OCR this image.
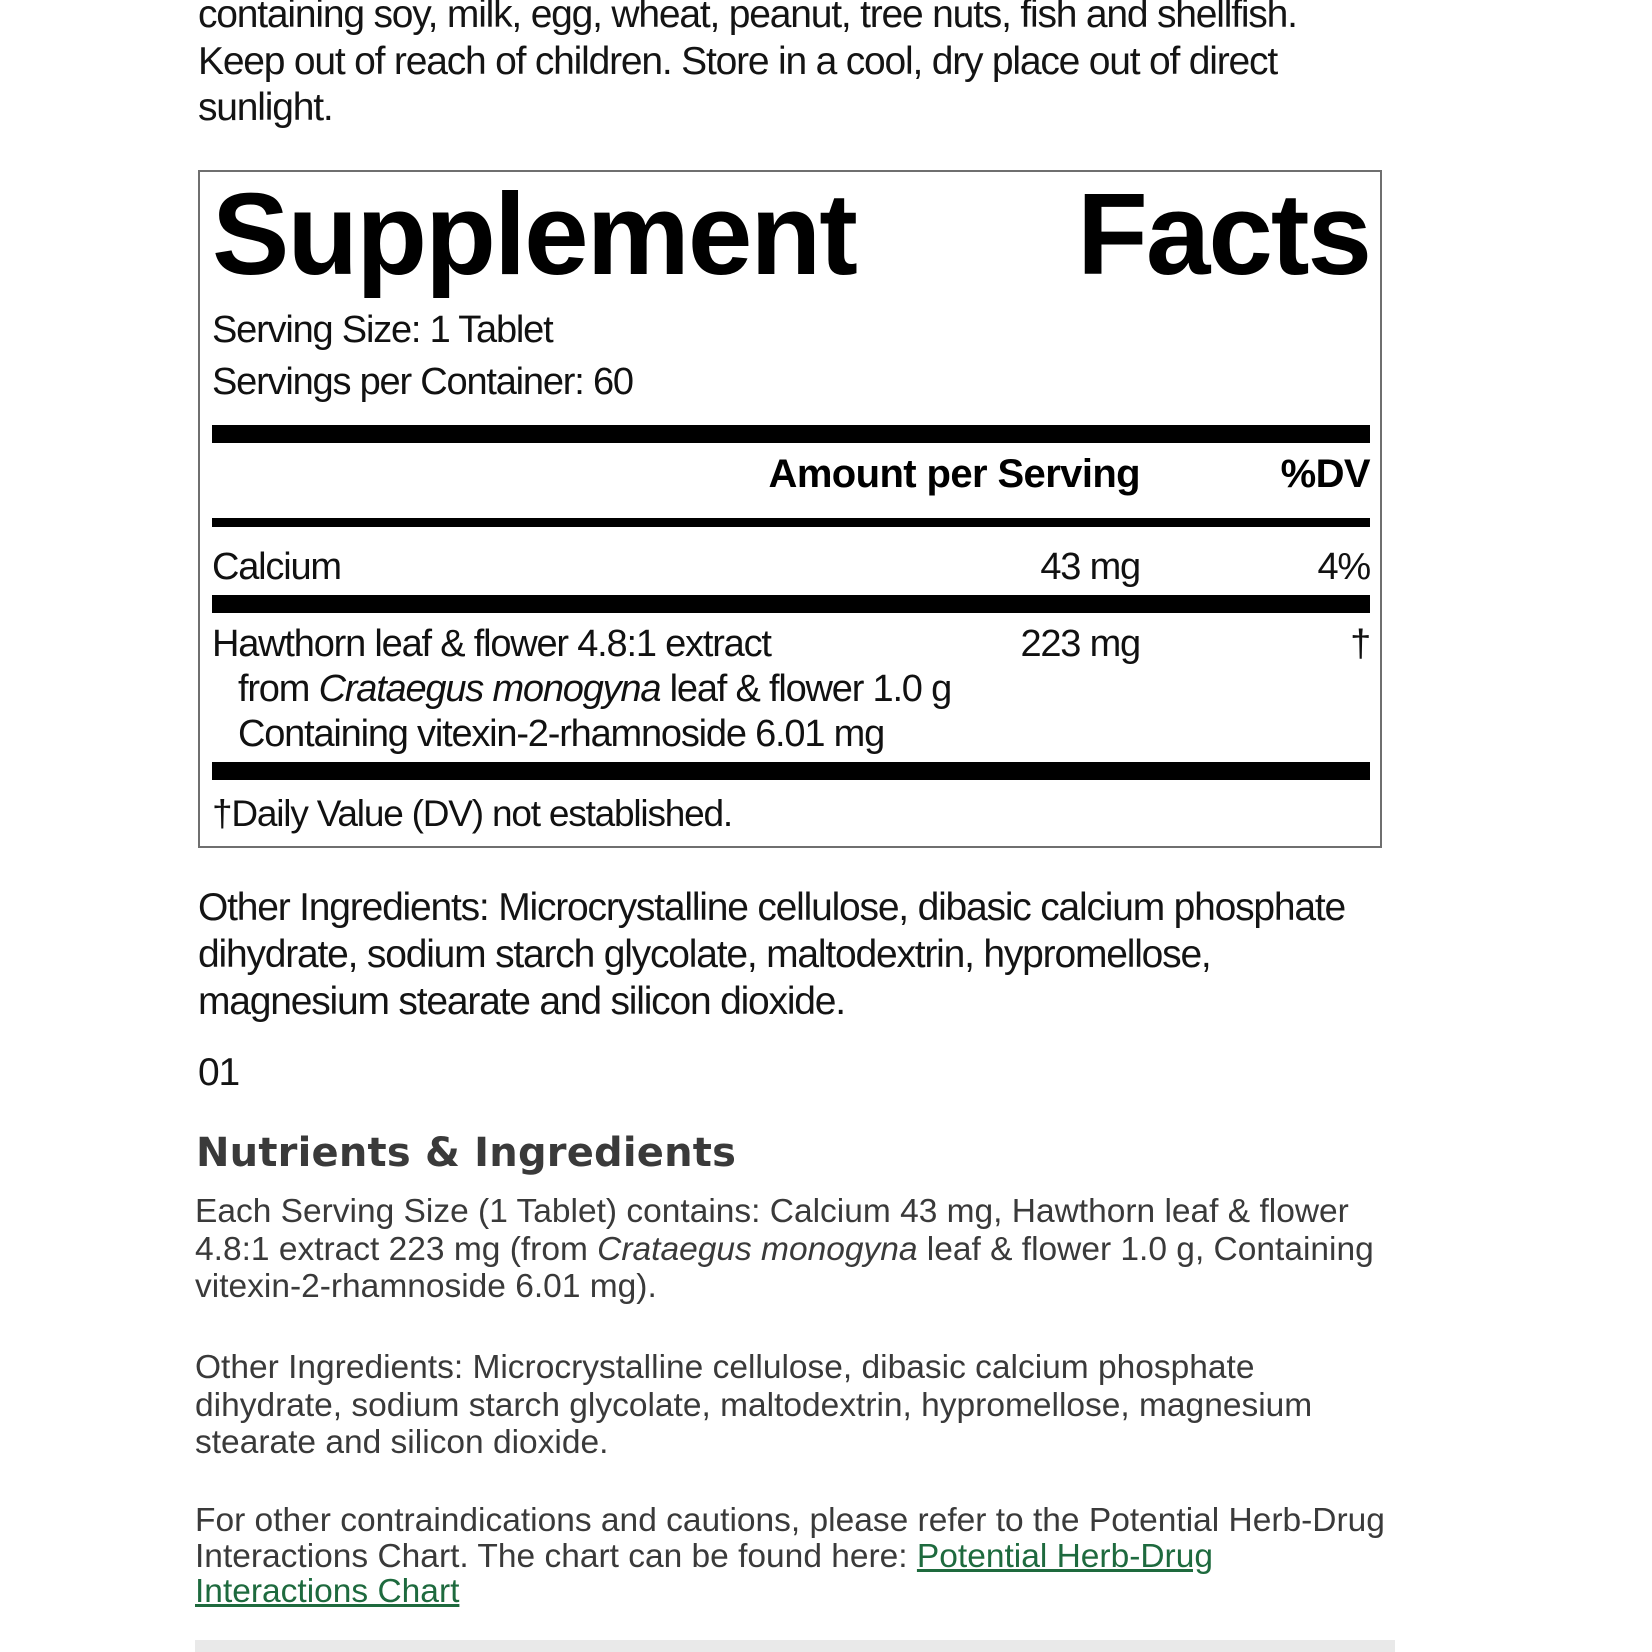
containing soy, milk, egg, wheat, peanut, tree nuts, fish and shellfish.
Keep out of reach of children. Store in a cool, dry place out of direct
sunlight.
Supplement Facts
Serving Size: 1 Tablet
Servings per Container: 60
Amount per Serving	%DV
Calcium	43 mg	4%
Hawthorn leaf & flower 4.8:1 extract	223 mg	†
from Crataegus monogyna leaf & flower 1.0 g
Containing vitexin-2-rhamnoside 6.01 mg
†Daily Value (DV) not established.
Other Ingredients: Microcrystalline cellulose, dibasic calcium phosphate
dihydrate, sodium starch glycolate, maltodextrin, hypromellose,
magnesium stearate and silicon dioxide.
01
Nutrients & Ingredients
Each Serving Size (1 Tablet) contains: Calcium 43 mg, Hawthorn leaf & flower 4.8:1 extract 223 mg (from Crataegus monogyna leaf & flower 1.0 g, Containing vitexin-2-rhamnoside 6.01 mg).
Other Ingredients: Microcrystalline cellulose, dibasic calcium phosphate dihydrate, sodium starch glycolate, maltodextrin, hypromellose, magnesium stearate and silicon dioxide.
For other contraindications and cautions, please refer to the Potential Herb-Drug Interactions Chart. The chart can be found here: Potential Herb-Drug Interactions Chart
